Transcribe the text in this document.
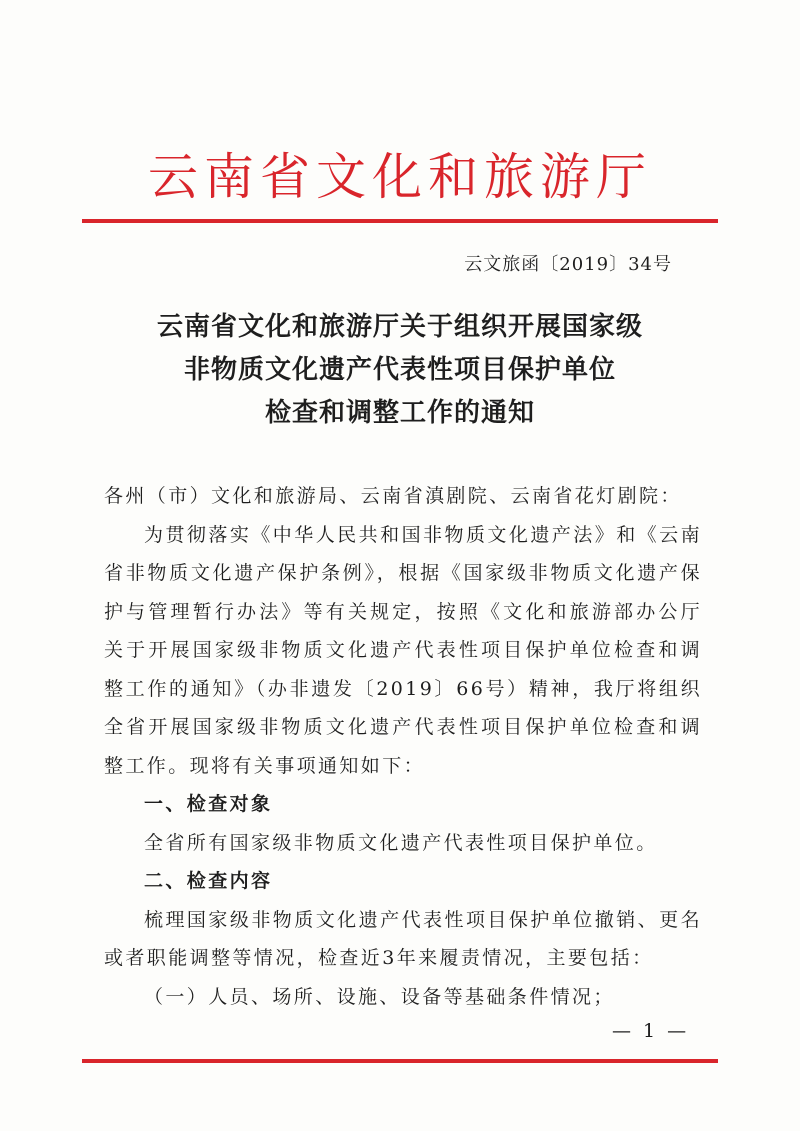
云南省文化和旅游厅
云文旅函〔2019〕34号
云南省文化和旅游厅关于组织开展国家级
非物质文化遗产代表性项目保护单位
检查和调整工作的通知

各州（市）文化和旅游局、云南省滇剧院、云南省花灯剧院：

为贯彻落实《中华人民共和国非物质文化遗产法》和《云南省非物质文化遗产保护条例》，根据《国家级非物质文化遗产保护与管理暂行办法》等有关规定，按照《文化和旅游部办公厅关于开展国家级非物质文化遗产代表性项目保护单位检查和调整工作的通知》（办非遗发〔2019〕66号）精神，我厅将组织全省开展国家级非物质文化遗产代表性项目保护单位检查和调整工作。现将有关事项通知如下：

一、检查对象

全省所有国家级非物质文化遗产代表性项目保护单位。

二、检查内容

梳理国家级非物质文化遗产代表性项目保护单位撤销、更名或者职能调整等情况，检查近3年来履责情况，主要包括：

（一）人员、场所、设施、设备等基础条件情况；

— 1 —
